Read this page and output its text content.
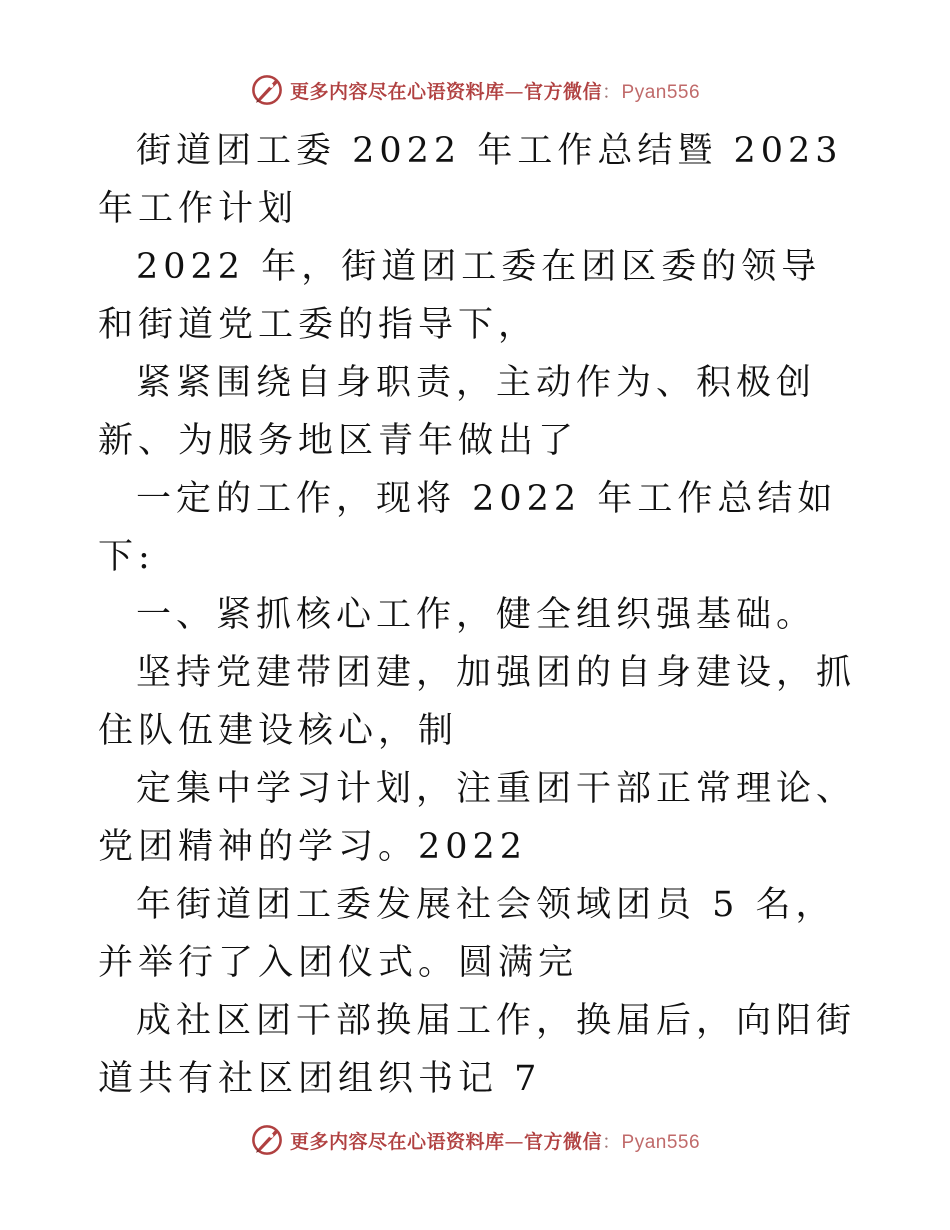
更多内容尽在心语资料库—官方微信：Pyan556

街道团工委 2022 年工作总结暨 2023 年工作计划

2022 年，街道团工委在团区委的领导和街道党工委的指导下，

紧紧围绕自身职责，主动作为、积极创新、为服务地区青年做出了

一定的工作，现将 2022 年工作总结如下:

一、紧抓核心工作，健全组织强基础。

坚持党建带团建，加强团的自身建设，抓住队伍建设核心，制

定集中学习计划，注重团干部正常理论、党团精神的学习。2022

年街道团工委发展社会领域团员 5 名，并举行了入团仪式。圆满完

成社区团干部换届工作，换届后，向阳街道共有社区团组织书记 7

更多内容尽在心语资料库—官方微信：Pyan556
